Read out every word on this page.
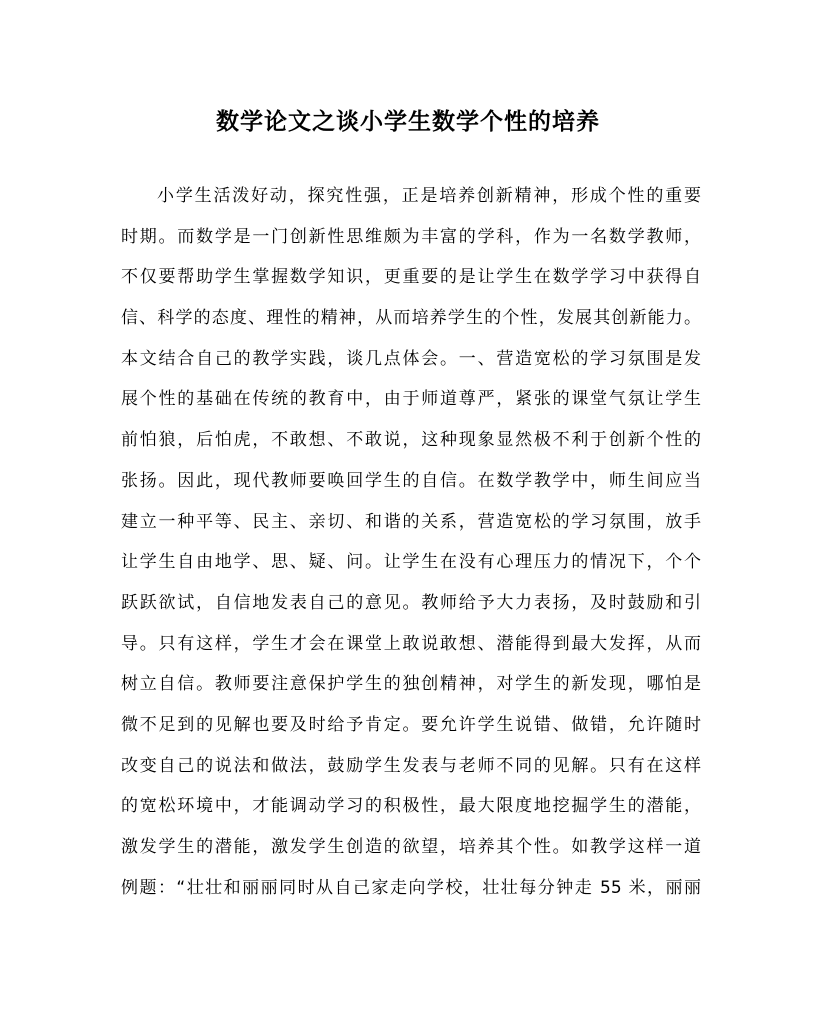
数学论文之谈小学生数学个性的培养
小学生活泼好动，探究性强，正是培养创新精神，形成个性的重要
时期。而数学是一门创新性思维颇为丰富的学科，作为一名数学教师，
不仅要帮助学生掌握数学知识，更重要的是让学生在数学学习中获得自
信、科学的态度、理性的精神，从而培养学生的个性，发展其创新能力。
本文结合自己的教学实践，谈几点体会。一、营造宽松的学习氛围是发
展个性的基础在传统的教育中，由于师道尊严，紧张的课堂气氛让学生
前怕狼，后怕虎，不敢想、不敢说，这种现象显然极不利于创新个性的
张扬。因此，现代教师要唤回学生的自信。在数学教学中，师生间应当
建立一种平等、民主、亲切、和谐的关系，营造宽松的学习氛围，放手
让学生自由地学、思、疑、问。让学生在没有心理压力的情况下，个个
跃跃欲试，自信地发表自己的意见。教师给予大力表扬，及时鼓励和引
导。只有这样，学生才会在课堂上敢说敢想、潜能得到最大发挥，从而
树立自信。教师要注意保护学生的独创精神，对学生的新发现，哪怕是
微不足到的见解也要及时给予肯定。要允许学生说错、做错，允许随时
改变自己的说法和做法，鼓励学生发表与老师不同的见解。只有在这样
的宽松环境中，才能调动学习的积极性，最大限度地挖掘学生的潜能，
激发学生的潜能，激发学生创造的欲望，培养其个性。如教学这样一道
例题：“壮壮和丽丽同时从自己家走向学校，壮壮每分钟走 55 米，丽丽
